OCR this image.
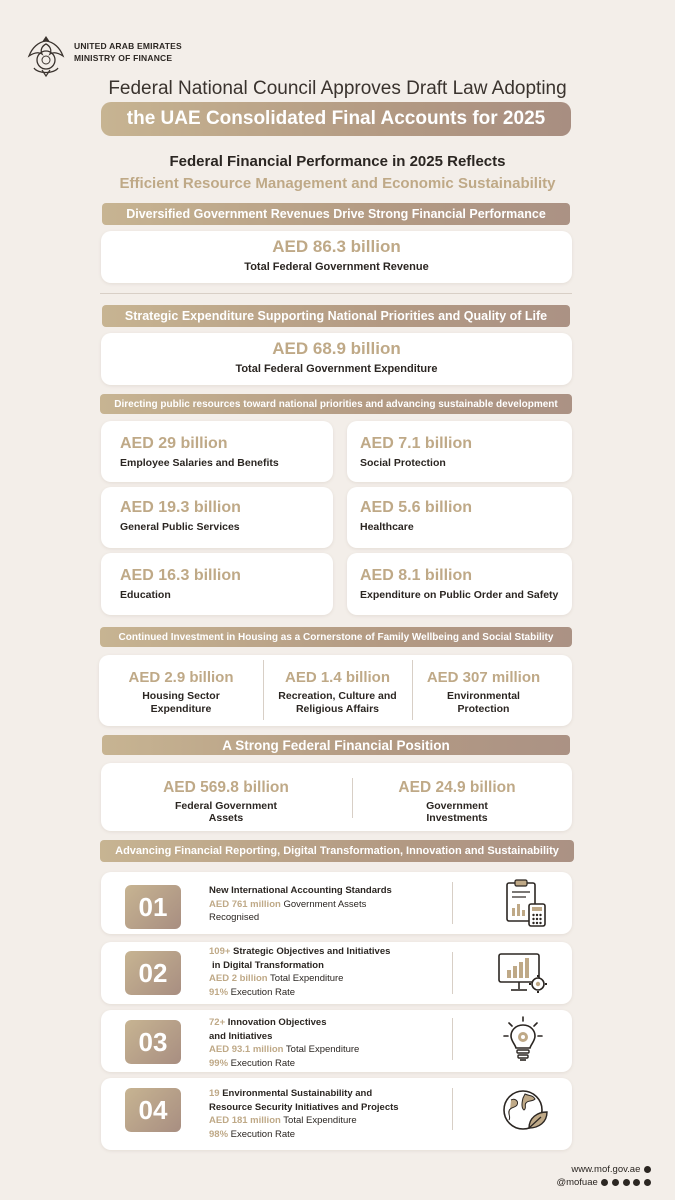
UNITED ARAB EMIRATES
MINISTRY OF FINANCE
Federal National Council Approves Draft Law Adopting
the UAE Consolidated Final Accounts for 2025
Federal Financial Performance in 2025 Reflects
Efficient Resource Management and Economic Sustainability
Diversified Government Revenues Drive Strong Financial Performance
AED 86.3 billion
Total Federal Government Revenue
Strategic Expenditure Supporting National Priorities and Quality of Life
AED 68.9 billion
Total Federal Government Expenditure
Directing public resources toward national priorities and advancing sustainable development
AED 29 billion
Employee Salaries and Benefits
AED 7.1 billion
Social Protection
AED 19.3 billion
General Public Services
AED 5.6 billion
Healthcare
AED 16.3 billion
Education
AED 8.1 billion
Expenditure on Public Order and Safety
Continued Investment in Housing as a Cornerstone of Family Wellbeing and Social Stability
AED 2.9 billion
Housing Sector
Expenditure
AED 1.4 billion
Recreation, Culture and
Religious Affairs
AED 307 million
Environmental
Protection
A Strong Federal Financial Position
AED 569.8 billion
Federal Government
Assets
AED 24.9 billion
Government
Investments
Advancing Financial Reporting, Digital Transformation, Innovation and Sustainability
01
New International Accounting Standards
AED 761 million Government Assets
Recognised
02
109+ Strategic Objectives and Initiatives
in Digital Transformation
AED 2 billion Total Expenditure
91% Execution Rate
03
72+ Innovation Objectives
and Initiatives
AED 93.1 million Total Expenditure
99% Execution Rate
04
19 Environmental Sustainability and
Resource Security Initiatives and Projects
AED 181 million Total Expenditure
98% Execution Rate
www.mof.gov.ae
@mofuae
